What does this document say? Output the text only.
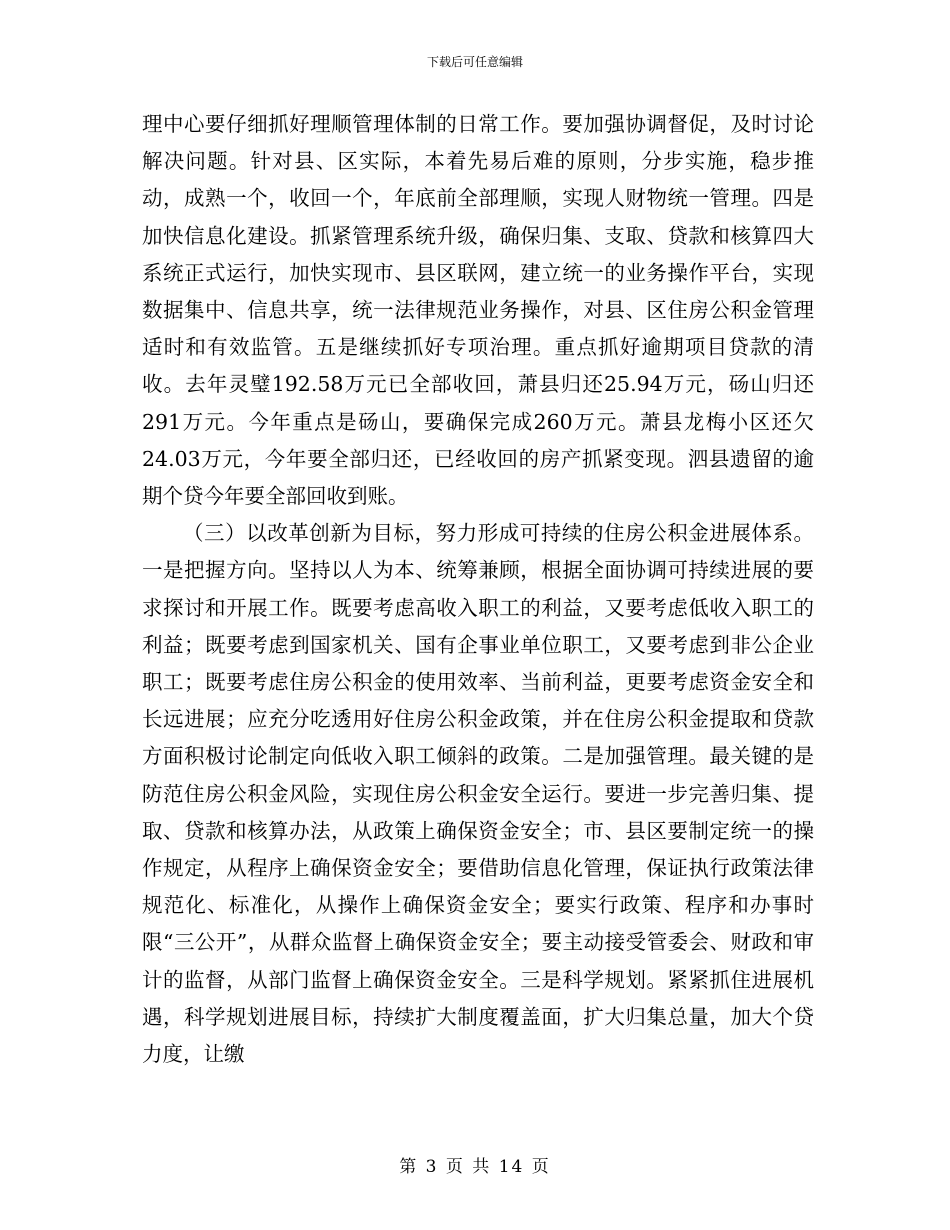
下载后可任意编辑

理中心要仔细抓好理顺管理体制的日常工作。要加强协调督促，及时讨论解决问题。针对县、区实际，本着先易后难的原则，分步实施，稳步推动，成熟一个，收回一个，年底前全部理顺，实现人财物统一管理。四是加快信息化建设。抓紧管理系统升级，确保归集、支取、贷款和核算四大系统正式运行，加快实现市、县区联网，建立统一的业务操作平台，实现数据集中、信息共享，统一法律规范业务操作，对县、区住房公积金管理适时和有效监管。五是继续抓好专项治理。重点抓好逾期项目贷款的清收。去年灵璧192.58万元已全部收回，萧县归还25.94万元，砀山归还291万元。今年重点是砀山，要确保完成260万元。萧县龙梅小区还欠24.03万元，今年要全部归还，已经收回的房产抓紧变现。泗县遗留的逾期个贷今年要全部回收到账。

（三）以改革创新为目标，努力形成可持续的住房公积金进展体系。一是把握方向。坚持以人为本、统筹兼顾，根据全面协调可持续进展的要求探讨和开展工作。既要考虑高收入职工的利益，又要考虑低收入职工的利益；既要考虑到国家机关、国有企事业单位职工，又要考虑到非公企业职工；既要考虑住房公积金的使用效率、当前利益，更要考虑资金安全和长远进展；应充分吃透用好住房公积金政策，并在住房公积金提取和贷款方面积极讨论制定向低收入职工倾斜的政策。二是加强管理。最关键的是防范住房公积金风险，实现住房公积金安全运行。要进一步完善归集、提取、贷款和核算办法，从政策上确保资金安全；市、县区要制定统一的操作规定，从程序上确保资金安全；要借助信息化管理，保证执行政策法律规范化、标准化，从操作上确保资金安全；要实行政策、程序和办事时限“三公开”，从群众监督上确保资金安全；要主动接受管委会、财政和审计的监督，从部门监督上确保资金安全。三是科学规划。紧紧抓住进展机遇，科学规划进展目标，持续扩大制度覆盖面，扩大归集总量，加大个贷力度，让缴

第 3 页 共 14 页
